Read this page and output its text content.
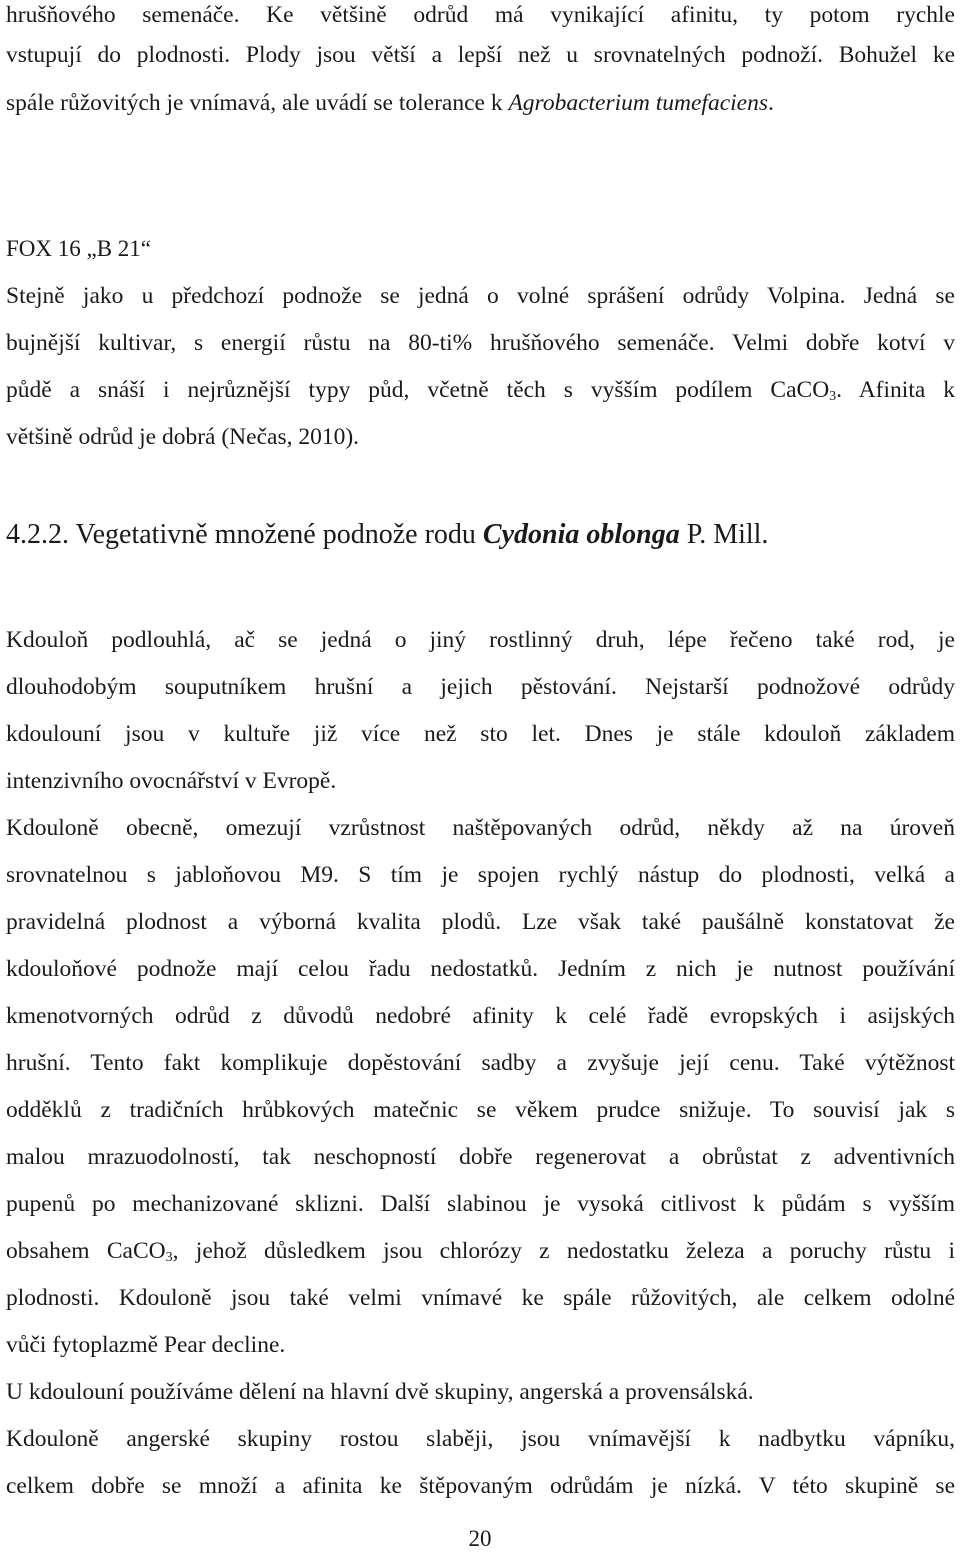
hrušňového semenáče. Ke většině odrůd má vynikající afinitu, ty potom rychle
vstupují do plodnosti. Plody jsou větší a lepší než u srovnatelných podnoží. Bohužel ke
spále růžovitých je vnímavá, ale uvádí se tolerance k Agrobacterium tumefaciens.
FOX 16 „B 21“
Stejně jako u předchozí podnože se jedná o volné sprášení odrůdy Volpina. Jedná se
bujnější kultivar, s energií růstu na 80-ti% hrušňového semenáče. Velmi dobře kotví v
půdě a snáší i nejrůznější typy půd, včetně těch s vyšším podílem CaCO$_3$. Afinita k
většině odrůd je dobrá (Nečas, 2010).
4.2.2. Vegetativně množené podnože rodu Cydonia oblonga P. Mill.
Kdouloň podlouhlá, ač se jedná o jiný rostlinný druh, lépe řečeno také rod, je
dlouhodobým souputníkem hrušní a jejich pěstování. Nejstarší podnožové odrůdy
kdoulouní jsou v kultuře již více než sto let. Dnes je stále kdouloň základem
intenzivního ovocnářství v Evropě.
Kdouloně obecně, omezují vzrůstnost naštěpovaných odrůd, někdy až na úroveň
srovnatelnou s jabloňovou M9. S tím je spojen rychlý nástup do plodnosti, velká a
pravidelná plodnost a výborná kvalita plodů. Lze však také paušálně konstatovat že
kdouloňové podnože mají celou řadu nedostatků. Jedním z nich je nutnost používání
kmenotvorných odrůd z důvodů nedobré afinity k celé řadě evropských i asijských
hrušní. Tento fakt komplikuje dopěstování sadby a zvyšuje její cenu. Také výtěžnost
odděklů z tradičních hrůbkových matečnic se věkem prudce snižuje. To souvisí jak s
malou mrazuodolností, tak neschopností dobře regenerovat a obrůstat z adventivních
pupenů po mechanizované sklizni. Další slabinou je vysoká citlivost k půdám s vyšším
obsahem CaCO$_3$, jehož důsledkem jsou chlorózy z nedostatku železa a poruchy růstu i
plodnosti. Kdouloně jsou také velmi vnímavé ke spále růžovitých, ale celkem odolné
vůči fytoplazmě Pear decline.
U kdoulouní používáme dělení na hlavní dvě skupiny, angerská a provensálská.
Kdouloně angerské skupiny rostou slaběji, jsou vnímavější k nadbytku vápníku,
celkem dobře se množí a afinita ke štěpovaným odrůdám je nízká. V této skupině se
20
